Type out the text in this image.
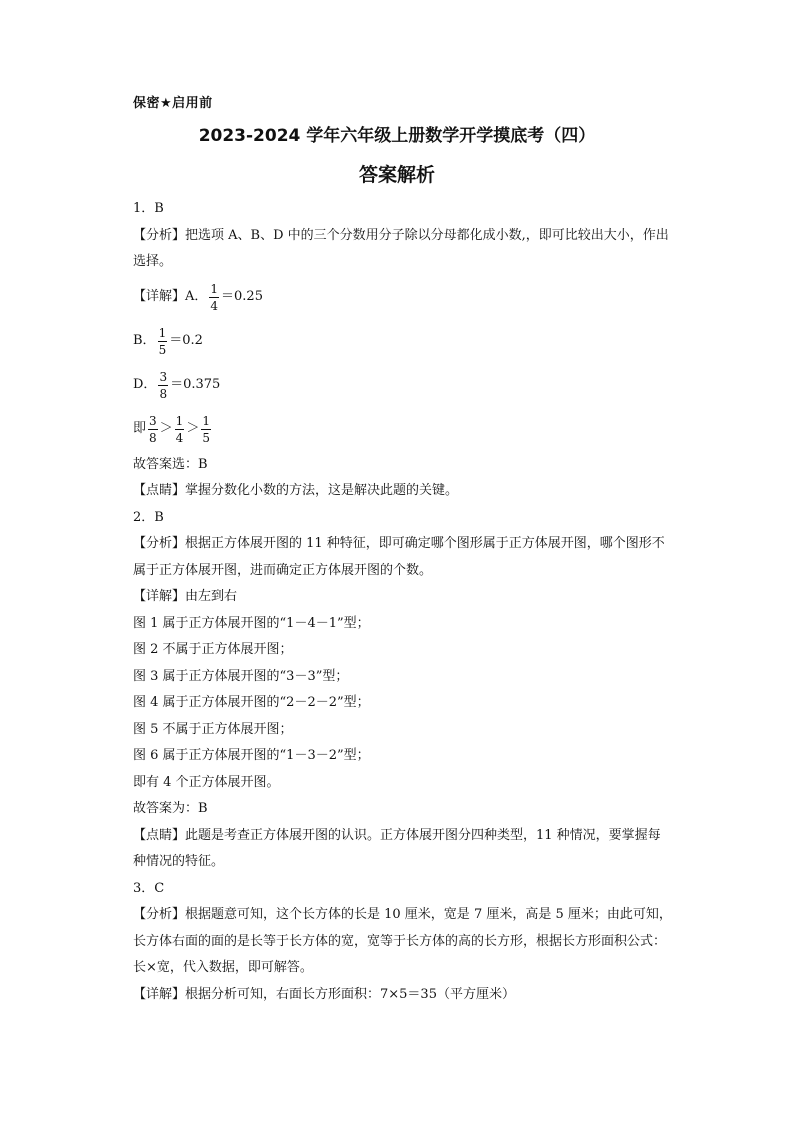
保密★启用前
2023-2024 学年六年级上册数学开学摸底考（四）
答案解析
1．B
【分析】把选项 A、B、D 中的三个分数用分子除以分母都化成小数,，即可比较出大小，作出选择。
【详解】A． $\frac{1}{4} =0.25$
B． $\frac{1}{5} =0.2$
D． $\frac{3}{8} =0.375$
即 $\frac{3}{8} > \frac{1}{4} > \frac{1}{5}$
故答案选：B
【点睛】掌握分数化小数的方法，这是解决此题的关键。
2．B
【分析】根据正方体展开图的 11 种特征，即可确定哪个图形属于正方体展开图，哪个图形不属于正方体展开图，进而确定正方体展开图的个数。
【详解】由左到右
图 1 属于正方体展开图的“1－4－1”型；
图 2 不属于正方体展开图；
图 3 属于正方体展开图的“3－3”型；
图 4 属于正方体展开图的“2－2－2”型；
图 5 不属于正方体展开图；
图 6 属于正方体展开图的“1－3－2”型；
即有 4 个正方体展开图。
故答案为：B
【点睛】此题是考查正方体展开图的认识。正方体展开图分四种类型，11 种情况，要掌握每种情况的特征。
3．C
【分析】根据题意可知，这个长方体的长是 10 厘米，宽是 7 厘米，高是 5 厘米；由此可知，长方体右面的面的是长等于长方体的宽，宽等于长方体的高的长方形，根据长方形面积公式：长×宽，代入数据，即可解答。
【详解】根据分析可知，右面长方形面积：7×5＝35（平方厘米）
